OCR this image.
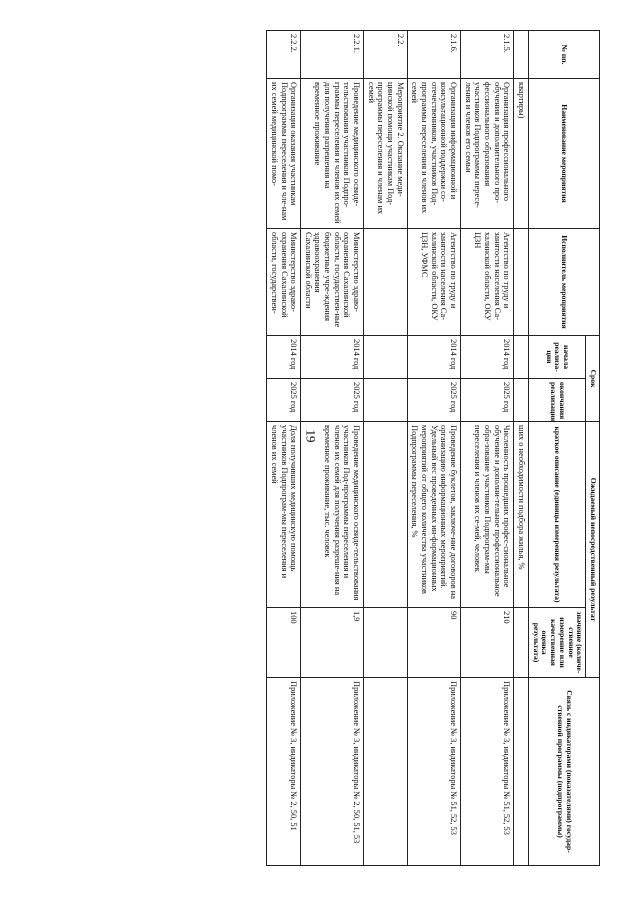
19
№ пп.	Наименование мероприятия	Исполнитель мероприятия	Срок		Ожидаемый непосредственный результат		Связь с индикаторами (показателями) государ-ственной программы (подпрограммы)
			начала реализа-ции	окончания реализации	краткое описание (единицы измерения результата)	значение (количе-ственное измерение или качественная оценка результата)	
	квартиры)				ших о необходимости подбора жилья, %		
2.1.5.	Организация профессионального обучения и дополнительного про-фессионального образования участников Подпрограммы пересе-ления и членов его семьи	Агентство по труду и занятости населения Са-халинской области, ОКУ ЦЗН	2014 год	2025 год	Численность прошедших профес-сиональное обучение и дополни-тельное профессиональное обра-зование участников Подпрограм-мы переселения и членов их се-мей, человек	210	Приложение № 3, индикаторы № 51, 52, 53
2.1.6.	Организация информационной и консультационной поддержки со-отечественников, участников Под-программы переселения и членов их семей	Агентство по труду и занятости населения Са-халинской области, ОКУ ЦЗН, УФМС	2014 год	2025 год	Проведение буклетов, заключе-ние договоров на организацию информационных мероприятий. Удельный вес проведенных ин-формационных мероприятий от общего количества участников Подпрограммы переселения, %	90	Приложение № 3, индикаторы № 51, 52, 53
2.2.	Мероприятие 2. Оказание меди-цинской помощи участникам Под-программы переселения и членам их семей						
2.2.1.	Проведение медицинского освиде-тельствования участников Подпро-граммы переселения и членов их семей для получения разрешения на временное проживание	Министерство здраво-охранения Сахалинской области, государствен-ные бюджетные учре-ждения здравоохранения Сахалинской области	2014 год	2025 год	Проведение медицинского освиде-тельствования участников Под-программы переселения и членов их семей для получения разреше-ния на временное проживание, тыс. человек	1,9	Приложение № 3, индикаторы № 2, 50, 51, 53
2.2.2.	Организация оказания участникам Подпрограммы переселения и чле-нам их семей медицинской помо-	Министерство здраво-охранения Сахалинской области, государствен-	2014 год	2025 год	Доля получивших медицинскую помощь участников Подпрограм-мы переселения и членов их семей	100	Приложение № 3, индикаторы № 2, 50, 51
